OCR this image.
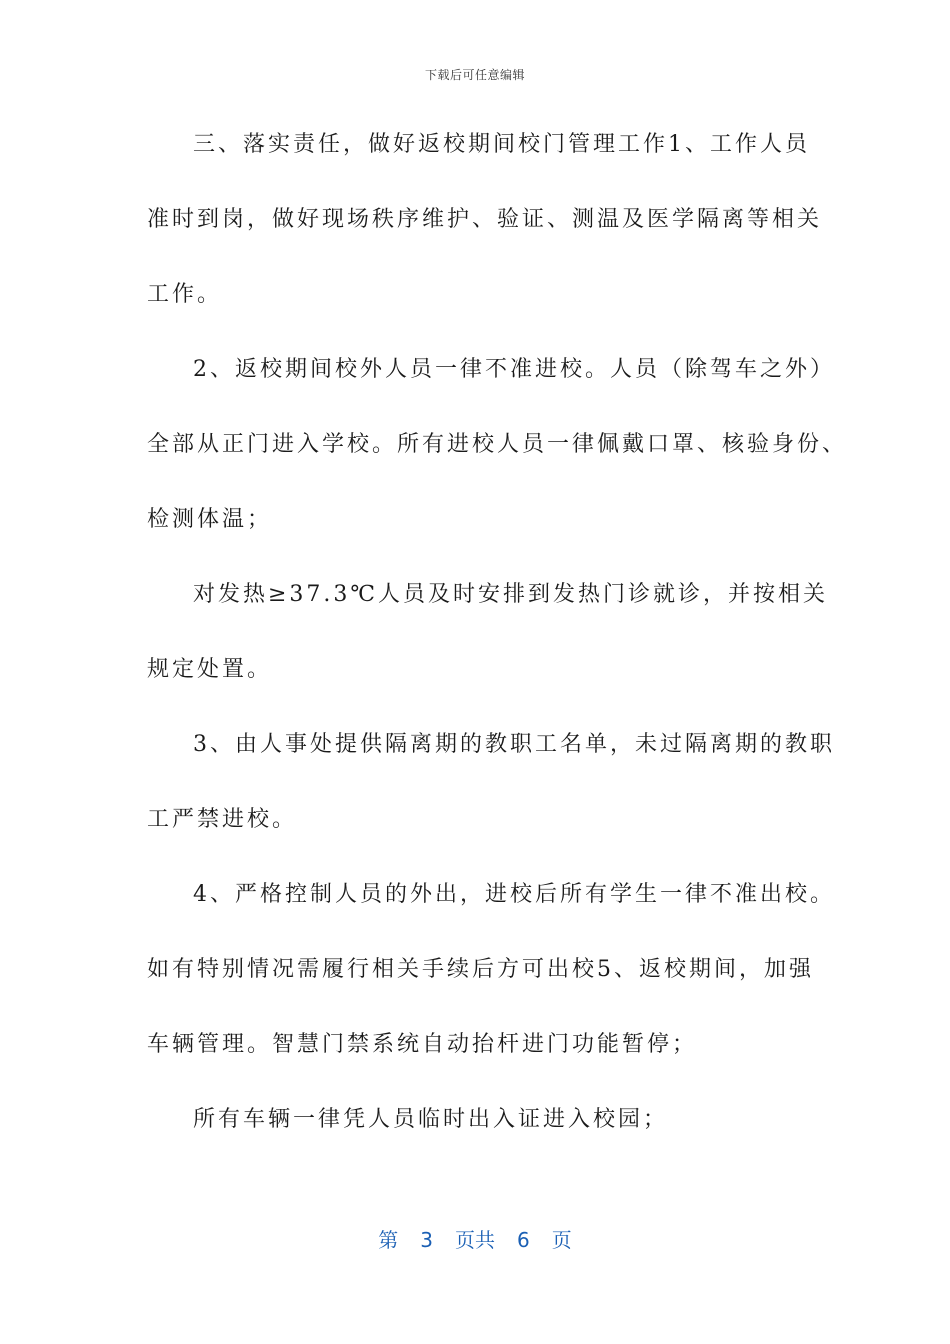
下载后可任意编辑
三、落实责任，做好返校期间校门管理工作1、工作人员
准时到岗，做好现场秩序维护、验证、测温及医学隔离等相关
工作。
2、返校期间校外人员一律不准进校。人员（除驾车之外）
全部从正门进入学校。所有进校人员一律佩戴口罩、核验身份、
检测体温；
对发热≥37.3℃人员及时安排到发热门诊就诊，并按相关
规定处置。
3、由人事处提供隔离期的教职工名单，未过隔离期的教职
工严禁进校。
4、严格控制人员的外出，进校后所有学生一律不准出校。
如有特别情况需履行相关手续后方可出校5、返校期间，加强
车辆管理。智慧门禁系统自动抬杆进门功能暂停；
所有车辆一律凭人员临时出入证进入校园；
第 3 页共 6 页
